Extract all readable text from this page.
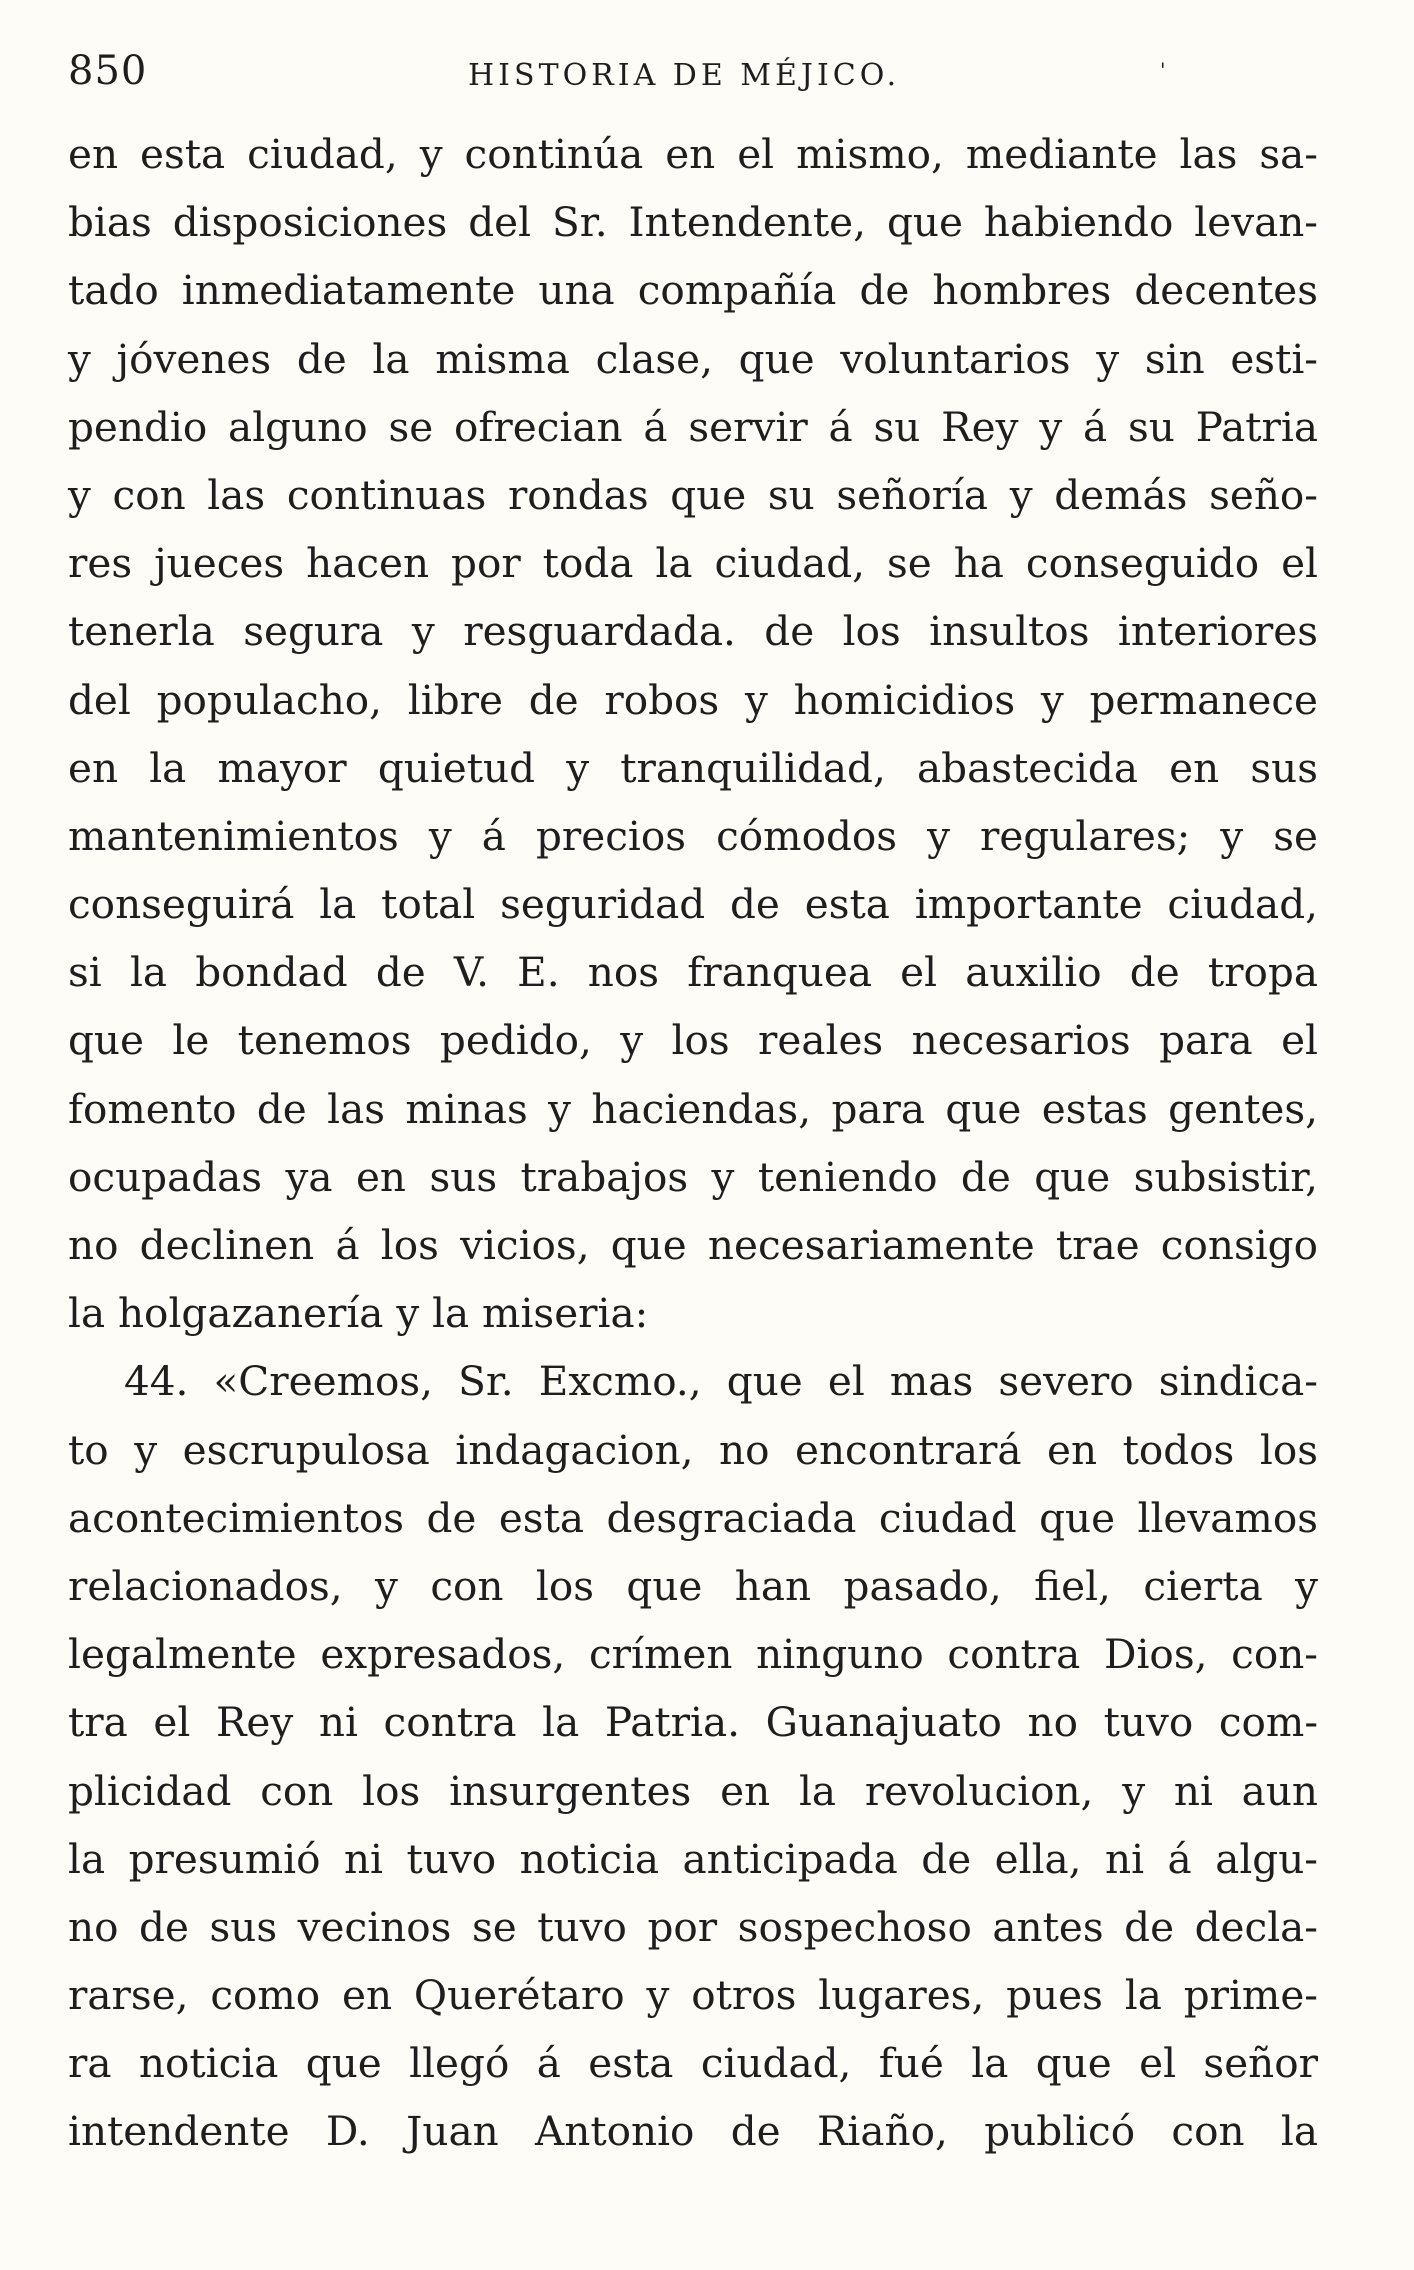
850	HISTORIA DE MÉJICO.	'
en esta ciudad, y continúa en el mismo, mediante las sa-
bias disposiciones del Sr. Intendente, que habiendo levan-
tado inmediatamente una compañía de hombres decentes
y jóvenes de la misma clase, que voluntarios y sin esti-
pendio alguno se ofrecian á servir á su Rey y á su Patria
y con las continuas rondas que su señoría y demás seño-
res jueces hacen por toda la ciudad, se ha conseguido el
tenerla segura y resguardada. de los insultos interiores
del populacho, libre de robos y homicidios y permanece
en la mayor quietud y tranquilidad, abastecida en sus
mantenimientos y á precios cómodos y regulares; y se
conseguirá la total seguridad de esta importante ciudad,
si la bondad de V. E. nos franquea el auxilio de tropa
que le tenemos pedido, y los reales necesarios para el
fomento de las minas y haciendas, para que estas gentes,
ocupadas ya en sus trabajos y teniendo de que subsistir,
no declinen á los vicios, que necesariamente trae consigo
la holgazanería y la miseria:
44. «Creemos, Sr. Excmo., que el mas severo sindica-
to y escrupulosa indagacion, no encontrará en todos los
acontecimientos de esta desgraciada ciudad que llevamos
relacionados, y con los que han pasado, fiel, cierta y
legalmente expresados, crímen ninguno contra Dios, con-
tra el Rey ni contra la Patria. Guanajuato no tuvo com-
plicidad con los insurgentes en la revolucion, y ni aun
la presumió ni tuvo noticia anticipada de ella, ni á algu-
no de sus vecinos se tuvo por sospechoso antes de decla-
rarse, como en Querétaro y otros lugares, pues la prime-
ra noticia que llegó á esta ciudad, fué la que el señor
intendente D. Juan Antonio de Riaño, publicó con la
